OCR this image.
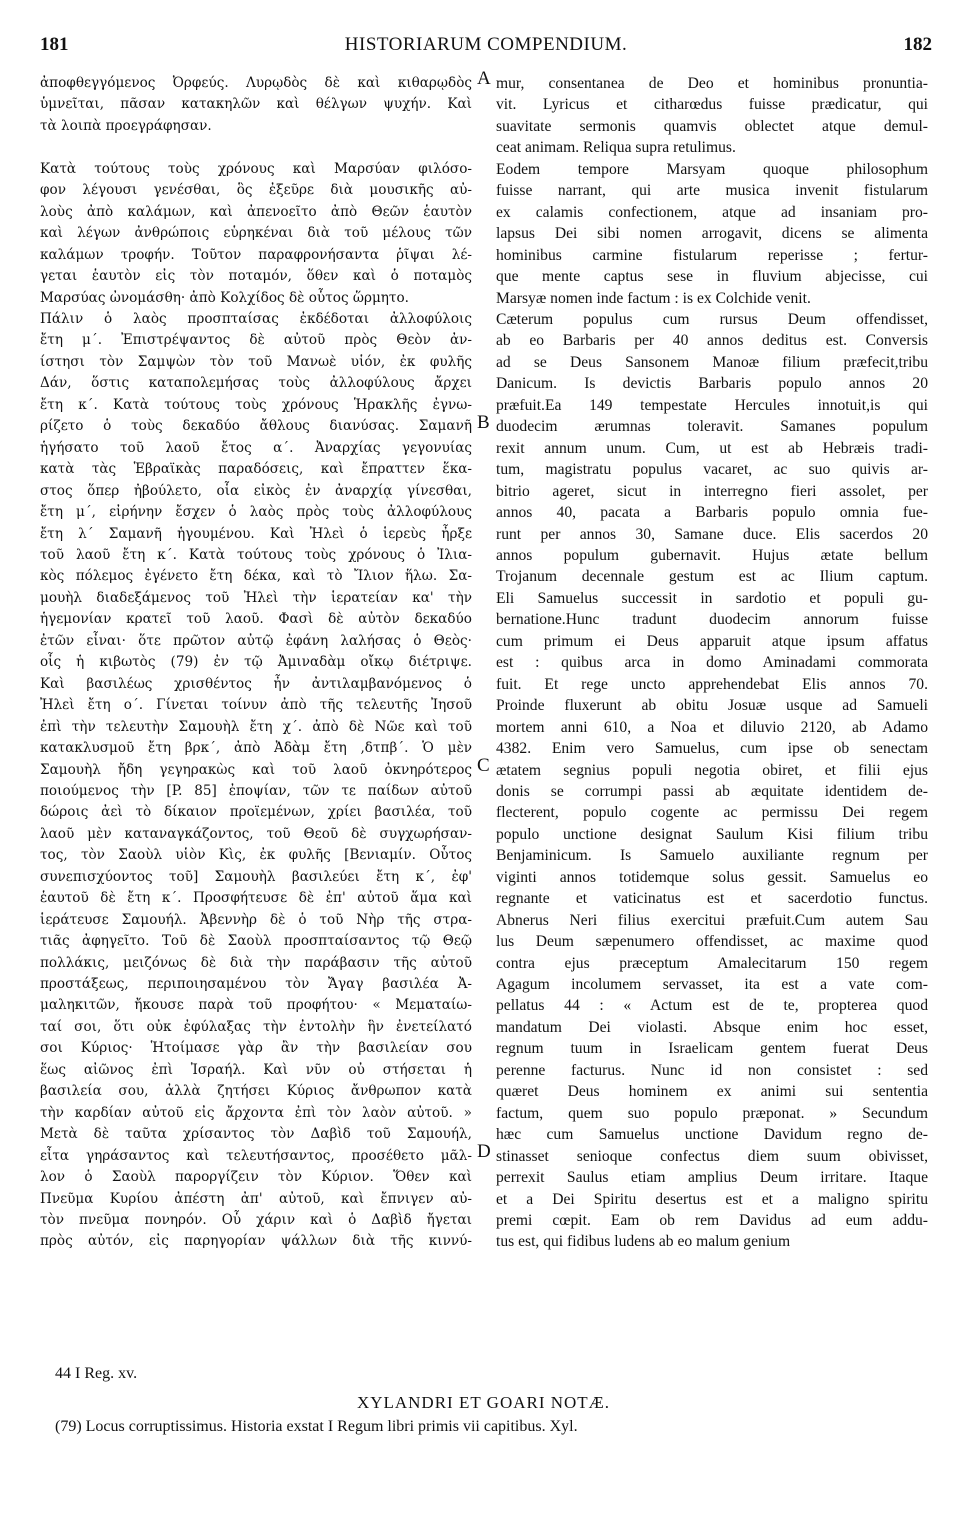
181	HISTORIARUM COMPENDIUM.	182
ἀποφθεγγόμενος Ὀρφεύς. Λυρῳδὸς δὲ καὶ κιθαρῳδὸς
ὑμνεῖται, πᾶσαν κατακηλῶν καὶ θέλγων ψυχήν. Καὶ
τὰ λοιπὰ προεγράφησαν.

Κατὰ τούτους τοὺς χρόνους καὶ Μαρσύαν φιλόσο-
φον λέγουσι γενέσθαι, ὃς ἐξεῦρε διὰ μουσικῆς αὐ-
λοὺς ἀπὸ καλάμων, καὶ ἀπενοεῖτο ἀπὸ Θεῶν ἑαυτὸν
καὶ λέγων ἀνθρώποις εὑρηκέναι διὰ τοῦ μέλους τῶν
καλάμων τροφήν. Τοῦτον παραφρονήσαντα ῥῖψαι λέ-
γεται ἑαυτὸν εἰς τὸν ποταμόν, ὅθεν καὶ ὁ ποταμὸς
Μαρσύας ὠνομάσθη· ἀπὸ Κολχίδος δὲ οὗτος ὥρμητο.
Πάλιν ὁ λαὸς προσπταίσας ἐκδέδοται ἀλλοφύλοις
ἔτη μ΄. Ἐπιστρέψαντος δὲ αὐτοῦ πρὸς Θεὸν ἀν-
ίστησι τὸν Σαμψὼν τὸν τοῦ Μανωὲ υἱόν, ἐκ φυλῆς
Δάν, ὅστις καταπολεμήσας τοὺς ἀλλοφύλους ἄρχει
ἔτη κ΄. Κατὰ τούτους τοὺς χρόνους Ἡρακλῆς ἐγνω-
ρίζετο ὁ τοὺς δεκαδύο ἄθλους διανύσας. Σαμανῆ
ἡγήσατο τοῦ λαοῦ ἔτος α΄. Ἀναρχίας γεγονυίας
κατὰ τὰς Ἑβραϊκὰς παραδόσεις, καὶ ἔπραττεν ἕκα-
στος ὅπερ ἠβούλετο, οἷα εἰκὸς ἐν ἀναρχίᾳ γίνεσθαι,
ἔτη μ΄, εἰρήνην ἔσχεν ὁ λαὸς πρὸς τοὺς ἀλλοφύλους
ἔτη λ΄ Σαμανῆ ἡγουμένου. Καὶ Ἠλεὶ ὁ ἱερεὺς ἦρξε
τοῦ λαοῦ ἔτη κ΄. Κατὰ τούτους τοὺς χρόνους ὁ Ἰλια-
κὸς πόλεμος ἐγένετο ἔτη δέκα, καὶ τὸ Ἴλιον ἥλω. Σα-
μουὴλ διαδεξάμενος τοῦ Ἠλεὶ τὴν ἱερατείαν κα' τὴν
ἡγεμονίαν κρατεῖ τοῦ λαοῦ. Φασὶ δὲ αὐτὸν δεκαδύο
ἐτῶν εἶναι· ὅτε πρῶτον αὐτῷ ἐφάνη λαλήσας ὁ Θεὸς·
οἷς ἡ κιβωτὸς (79) ἐν τῷ Ἀμιναδὰμ οἴκῳ διέτριψε.
Καὶ βασιλέως χρισθέντος ἦν ἀντιλαμβανόμενος ὁ
Ἠλεὶ ἔτη ο΄. Γίνεται τοίνυν ἀπὸ τῆς τελευτῆς Ἰησοῦ
ἐπὶ τὴν τελευτὴν Σαμουὴλ ἔτη χ΄. ἀπὸ δὲ Νῶε καὶ τοῦ
κατακλυσμοῦ ἔτη βρκ΄, ἀπὸ Ἀδὰμ ἔτη ,δτπβ΄. Ὁ μὲν
Σαμουὴλ ἤδη γεγηρακὼς καὶ τοῦ λαοῦ ὀκνηρότερος
ποιούμενος τὴν [P. 85] ἐποψίαν, τῶν τε παίδων αὐτοῦ
δώροις ἀεὶ τὸ δίκαιον προϊεμένων, χρίει βασιλέα, τοῦ
λαοῦ μὲν καταναγκάζοντος, τοῦ Θεοῦ δὲ συγχωρήσαν-
τος, τὸν Σαοὺλ υἱὸν Κὶς, ἐκ φυλῆς [Βενιαμίν. Οὗτος
συνεπισχύοντος τοῦ] Σαμουὴλ βασιλεύει ἔτη κ΄, ἐφ'
ἑαυτοῦ δὲ ἔτη κ΄. Προσφήτευσε δὲ ἐπ' αὐτοῦ ἅμα καὶ
ἱεράτευσε Σαμουήλ. Ἀβεννὴρ δὲ ὁ τοῦ Νὴρ τῆς στρα-
τιᾶς ἀφηγεῖτο. Τοῦ δὲ Σαοὺλ προσπταίσαντος τῷ Θεῷ
πολλάκις, μειζόνως δὲ διὰ τὴν παράβασιν τῆς αὐτοῦ
προστάξεως, περιποιησαμένου τὸν Ἄγαγ βασιλέα Ἀ-
μαληκιτῶν, ἤκουσε παρὰ τοῦ προφήτου· « Μεματαίω-
ταί σοι, ὅτι οὐκ ἐφύλαξας τὴν ἐντολὴν ἣν ἐνετείλατό
σοι Κύριος· Ἡτοίμασε γὰρ ἂν τὴν βασιλείαν σου
ἕως αἰῶνος ἐπὶ Ἰσραήλ. Καὶ νῦν οὐ στήσεται ἡ
βασιλεία σου, ἀλλὰ ζητήσει Κύριος ἄνθρωπον κατὰ
τὴν καρδίαν αὐτοῦ εἰς ἄρχοντα ἐπὶ τὸν λαὸν αὐτοῦ. »
Μετὰ δὲ ταῦτα χρίσαντος τὸν Δαβὶδ τοῦ Σαμουήλ,
εἶτα γηράσαντος καὶ τελευτήσαντος, προσέθετο μᾶλ-
λον ὁ Σαοὺλ παροργίζειν τὸν Κύριον. Ὅθεν καὶ
Πνεῦμα Κυρίου ἀπέστη ἀπ' αὐτοῦ, καὶ ἔπνιγεν αὐ-
τὸν πνεῦμα πονηρόν. Οὗ χάριν καὶ ὁ Δαβὶδ ἤγεται
πρὸς αὐτόν, εἰς παρηγορίαν ψάλλων διὰ τῆς κιννύ-
mur, consentanea de Deo et hominibus pronuntia-
vit. Lyricus et citharœdus fuisse prædicatur, qui
suavitate sermonis quamvis oblectet atque demul-
ceat animam. Reliqua supra retulimus.
Eodem tempore Marsyam quoque philosophum
fuisse narrant, qui arte musica invenit fistularum
ex calamis confectionem, atque ad insaniam pro-
lapsus Dei sibi nomen arrogavit, dicens se alimenta
hominibus carmine fistularum reperisse ; fertur-
que mente captus sese in fluvium abjecisse, cui
Marsyæ nomen inde factum : is ex Colchide venit.
Cæterum populus cum rursus Deum offendisset,
ab eo Barbaris per 40 annos deditus est. Conversis
ad se Deus Sansonem Manoæ filium præfecit,tribu
Danicum. Is devictis Barbaris populo annos 20
præfuit.Ea 149 tempestate Hercules innotuit,is qui
duodecim ærumnas toleravit. Samanes populum
rexit annum unum. Cum, ut est ab Hebræis tradi-
tum, magistratu populus vacaret, ac suo quivis ar-
bitrio ageret, sicut in interregno fieri assolet, per
annos 40, pacata a Barbaris populo omnia fue-
runt per annos 30, Samane duce. Elis sacerdos 20
annos populum gubernavit. Hujus ætate bellum
Trojanum decennale gestum est ac Ilium captum.
Eli Samuelus successit in sardotio et populi gu-
bernatione.Hunc tradunt duodecim annorum fuisse
cum primum ei Deus apparuit atque ipsum affatus
est : quibus arca in domo Aminadami commorata
fuit. Et rege uncto apprehendebat Elis annos 70.
Proinde fluxerunt ab obitu Josuæ usque ad Samueli
mortem anni 610, a Noa et diluvio 2120, ab Adamo
4382. Enim vero Samuelus, cum ipse ob senectam
ætatem segnius populi negotia obiret, et filii ejus
donis se corrumpi passi ab æquitate identidem de-
flecterent, populo cogente ac permissu Dei regem
populo unctione designat Saulum Kisi filium tribu
Benjaminicum. Is Samuelo auxiliante regnum per
viginti annos totidemque solus gessit. Samuelus eo
regnante et vaticinatus est et sacerdotio functus.
Abnerus Neri filius exercitui præfuit.Cum autem Sau
lus Deum sæpenumero offendisset, ac maxime quod
contra ejus præceptum Amalecitarum 150 regem
Agagum incolumem servasset, ita est a vate com-
pellatus 44 : « Actum est de te, propterea quod
mandatum Dei violasti. Absque enim hoc esset,
regnum tuum in Israelicam gentem fuerat Deus
perenne facturus. Nunc id non consistet : sed
quæret Deus hominem ex animi sui sententia
factum, quem suo populo præponat. » Secundum
hæc cum Samuelus unctione Davidum regno de-
stinasset senioque confectus diem suum obivisset,
perrexit Saulus etiam amplius Deum irritare. Itaque
et a Dei Spiritu desertus est et a maligno spiritu
premi cœpit. Eam ob rem Davidus ad eum addu-
tus est, qui fidibus ludens ab eo malum genium
A
B
C
D
44 I Reg. xv.
XYLANDRI ET GOARI NOTÆ.
(79) Locus corruptissimus. Historia exstat I Regum libri primis vii capitibus. Xyl.
